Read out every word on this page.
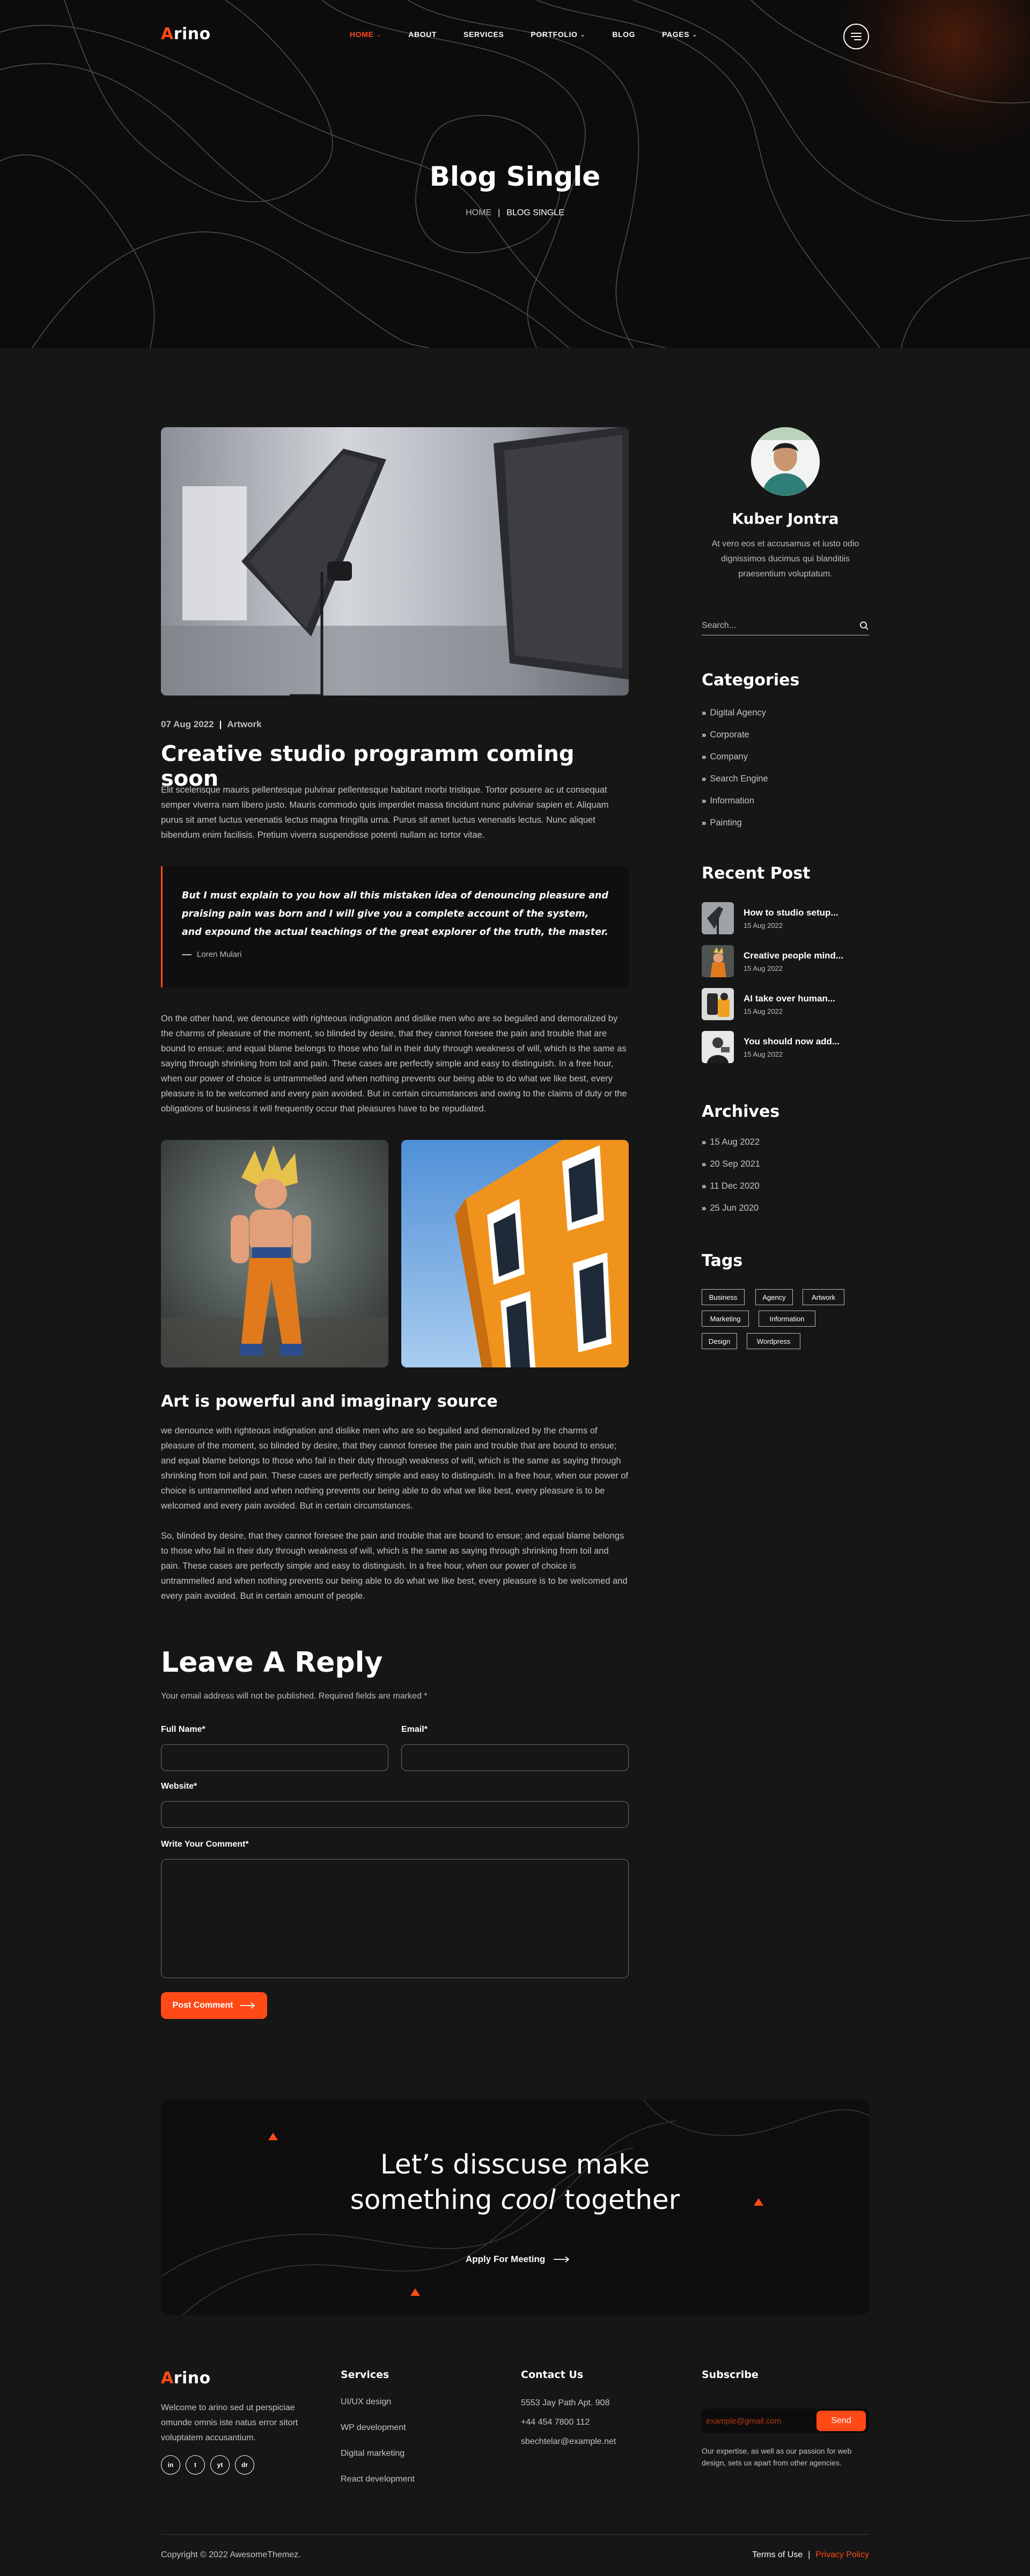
Arino	HOME ⌄	ABOUT	SERVICES	PORTFOLIO ⌄	BLOG	PAGES ⌄
Blog Single
HOME | BLOG SINGLE
07 Aug 2022 | Artwork
Creative studio programm coming soon
Elit scelerisque mauris pellentesque pulvinar pellentesque habitant morbi tristique. Tortor posuere ac ut consequat semper viverra nam libero justo. Mauris commodo quis imperdiet massa tincidunt nunc pulvinar sapien et. Aliquam purus sit amet luctus venenatis lectus magna fringilla urna. Purus sit amet luctus venenatis lectus. Nunc aliquet bibendum enim facilisis. Pretium viverra suspendisse potenti nullam ac tortor vitae.

But I must explain to you how all this mistaken idea of denouncing pleasure and praising pain was born and I will give you a complete account of the system, and expound the actual teachings of the great explorer of the truth, the master.

Loren Mulari
On the other hand, we denounce with righteous indignation and dislike men who are so beguiled and demoralized by the charms of pleasure of the moment, so blinded by desire, that they cannot foresee the pain and trouble that are bound to ensue; and equal blame belongs to those who fail in their duty through weakness of will, which is the same as saying through shrinking from toil and pain. These cases are perfectly simple and easy to distinguish. In a free hour, when our power of choice is untrammelled and when nothing prevents our being able to do what we like best, every pleasure is to be welcomed and every pain avoided. But in certain circumstances and owing to the claims of duty or the obligations of business it will frequently occur that pleasures have to be repudiated.
Art is powerful and imaginary source
we denounce with righteous indignation and dislike men who are so beguiled and demoralized by the charms of pleasure of the moment, so blinded by desire, that they cannot foresee the pain and trouble that are bound to ensue; and equal blame belongs to those who fail in their duty through weakness of will, which is the same as saying through shrinking from toil and pain. These cases are perfectly simple and easy to distinguish. In a free hour, when our power of choice is untrammelled and when nothing prevents our being able to do what we like best, every pleasure is to be welcomed and every pain avoided. But in certain circumstances.
So, blinded by desire, that they cannot foresee the pain and trouble that are bound to ensue; and equal blame belongs to those who fail in their duty through weakness of will, which is the same as saying through shrinking from toil and pain. These cases are perfectly simple and easy to distinguish. In a free hour, when our power of choice is untrammelled and when nothing prevents our being able to do what we like best, every pleasure is to be welcomed and every pain avoided. But in certain amount of people.
Leave A Reply
Your email address will not be published. Required fields are marked *
Full Name*	Email*
Website*
Write Your Comment*
Post Comment
Kuber Jontra
At vero eos et accusamus et iusto odio dignissimos ducimus qui blanditiis praesentium voluptatum.
Search...
Categories
» Digital Agency
» Corporate
» Company
» Search Engine
» Information
» Painting
Recent Post
How to studio setup...
15 Aug 2022
Creative people mind...
15 Aug 2022
AI take over human...
15 Aug 2022
You should now add...
15 Aug 2022
Archives
» 15 Aug 2022
» 20 Sep 2021
» 11 Dec 2020
» 25 Jun 2020
Tags
Business	Agency	Artwork
Marketing	Information
Design	Wordpress
Let’s disscuse make
something cool together
Apply For Meeting
Arino
Welcome to arino sed ut perspiciae omunde omnis iste natus error sitort voluptatem accusantium.
in	t	yt	dr
Services
UI/UX design
WP development
Digital marketing
React development
Contact Us
5553 Jay Path Apt. 908
+44 454 7800 112
sbechtelar@example.net
Subscribe
example@gmail.com
Send
Our expertise, as well as our passion for web design, sets us apart from other agencies.
Copyright © 2022 AwesomeThemez.	Terms of Use | Privacy Policy
